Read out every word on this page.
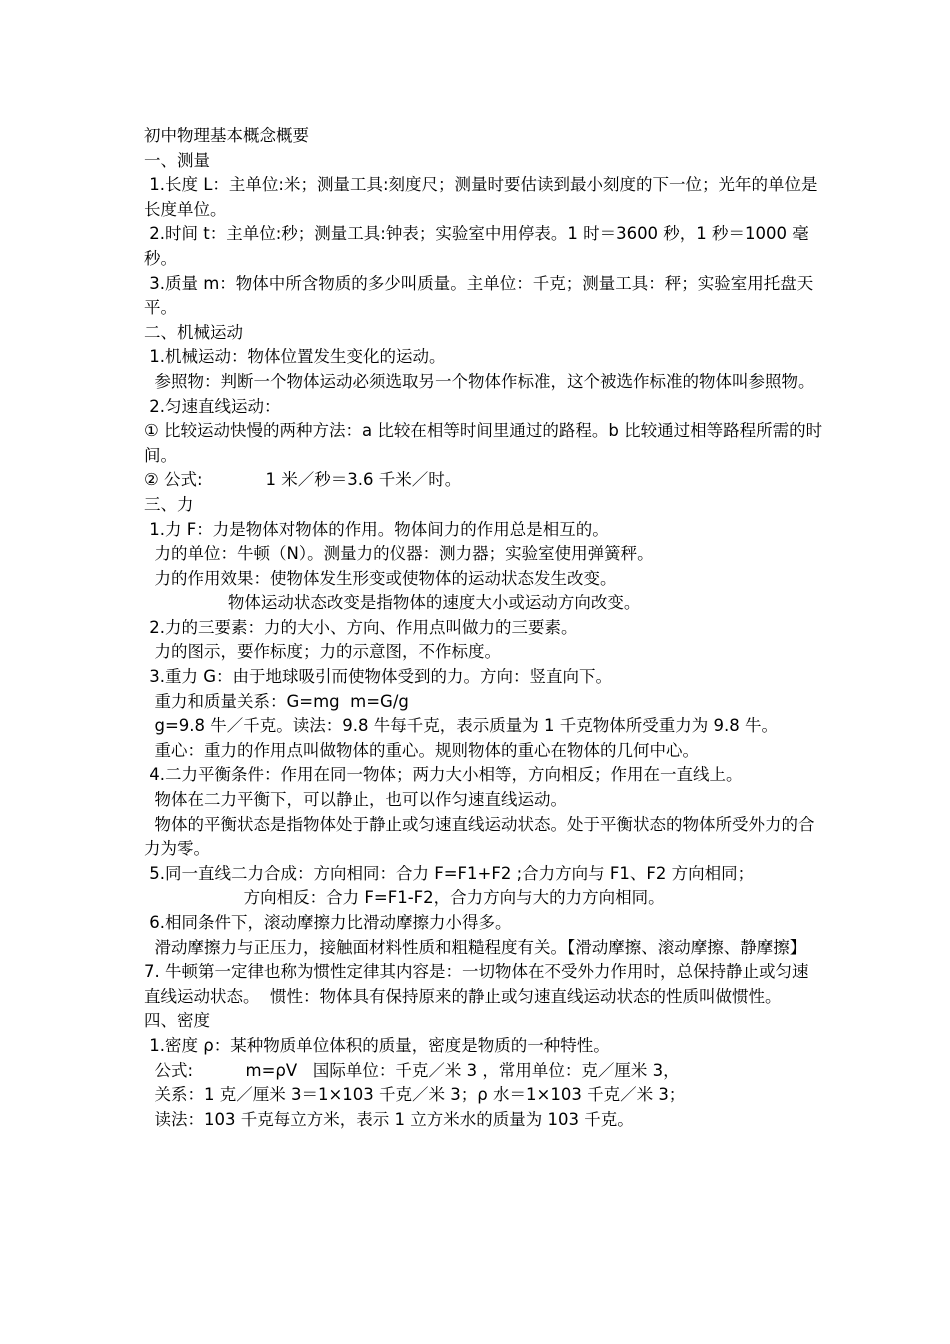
初中物理基本概念概要
一、测量
1.长度 L：主单位:米；测量工具:刻度尺；测量时要估读到最小刻度的下一位；光年的单位是长度单位。
2.时间 t：主单位:秒；测量工具:钟表；实验室中用停表。1 时＝3600 秒，1 秒＝1000 毫秒。
3.质量 m：物体中所含物质的多少叫质量。主单位：千克；测量工具：秤；实验室用托盘天平。
二、机械运动
1.机械运动：物体位置发生变化的运动。
参照物：判断一个物体运动必须选取另一个物体作标准，这个被选作标准的物体叫参照物。
2.匀速直线运动：
① 比较运动快慢的两种方法：a 比较在相等时间里通过的路程。b 比较通过相等路程所需的时间。
② 公式:            1 米／秒＝3.6 千米／时。
三、力
1.力 F：力是物体对物体的作用。物体间力的作用总是相互的。
力的单位：牛顿（N）。测量力的仪器：测力器；实验室使用弹簧秤。
力的作用效果：使物体发生形变或使物体的运动状态发生改变。
物体运动状态改变是指物体的速度大小或运动方向改变。
2.力的三要素：力的大小、方向、作用点叫做力的三要素。
力的图示，要作标度；力的示意图，不作标度。
3.重力 G：由于地球吸引而使物体受到的力。方向：竖直向下。
重力和质量关系：G=mg  m=G/g
g=9.8 牛／千克。读法：9.8 牛每千克，表示质量为 1 千克物体所受重力为 9.8 牛。
重心：重力的作用点叫做物体的重心。规则物体的重心在物体的几何中心。
4.二力平衡条件：作用在同一物体；两力大小相等，方向相反；作用在一直线上。
物体在二力平衡下，可以静止，也可以作匀速直线运动。
物体的平衡状态是指物体处于静止或匀速直线运动状态。处于平衡状态的物体所受外力的合力为零。
5.同一直线二力合成：方向相同：合力 F=F1+F2 ;合力方向与 F1、F2 方向相同；
方向相反：合力 F=F1-F2，合力方向与大的力方向相同。
6.相同条件下，滚动摩擦力比滑动摩擦力小得多。
滑动摩擦力与正压力，接触面材料性质和粗糙程度有关。【滑动摩擦、滚动摩擦、静摩擦】
7. 牛顿第一定律也称为惯性定律其内容是：一切物体在不受外力作用时，总保持静止或匀速直线运动状态。  惯性：物体具有保持原来的静止或匀速直线运动状态的性质叫做惯性。
四、密度
1.密度 ρ：某种物质单位体积的质量，密度是物质的一种特性。
公式:          m=ρV   国际单位：千克／米 3 ，常用单位：克／厘米 3，
关系：1 克／厘米 3＝1×103 千克／米 3；ρ 水＝1×103 千克／米 3；
读法：103 千克每立方米，表示 1 立方米水的质量为 103 千克。
